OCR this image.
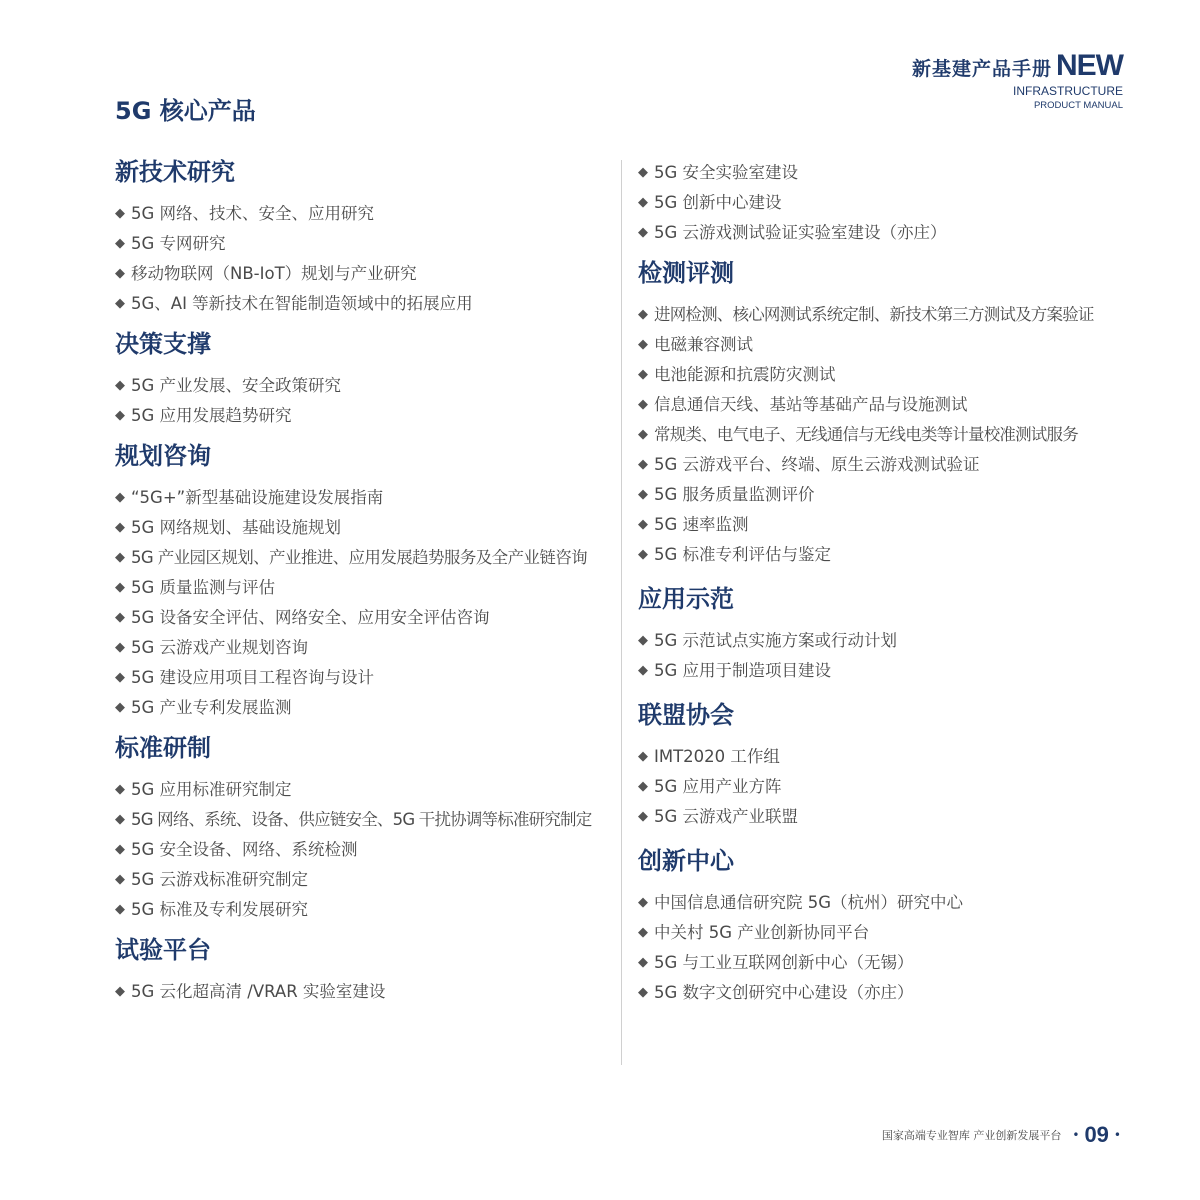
新基建产品手册 NEW
INFRASTRUCTURE
PRODUCT MANUAL
5G 核心产品
新技术研究
◆ 5G 网络、技术、安全、应用研究
◆ 5G 专网研究
◆ 移动物联网（NB-IoT）规划与产业研究
◆ 5G、AI 等新技术在智能制造领域中的拓展应用
决策支撑
◆ 5G 产业发展、安全政策研究
◆ 5G 应用发展趋势研究
规划咨询
◆ “5G+”新型基础设施建设发展指南
◆ 5G 网络规划、基础设施规划
◆ 5G 产业园区规划、产业推进、应用发展趋势服务及全产业链咨询
◆ 5G 质量监测与评估
◆ 5G 设备安全评估、网络安全、应用安全评估咨询
◆ 5G 云游戏产业规划咨询
◆ 5G 建设应用项目工程咨询与设计
◆ 5G 产业专利发展监测
标准研制
◆ 5G 应用标准研究制定
◆ 5G 网络、系统、设备、供应链安全、5G 干扰协调等标准研究制定
◆ 5G 安全设备、网络、系统检测
◆ 5G 云游戏标准研究制定
◆ 5G 标准及专利发展研究
试验平台
◆ 5G 云化超高清 /VRAR 实验室建设
◆ 5G 安全实验室建设
◆ 5G 创新中心建设
◆ 5G 云游戏测试验证实验室建设（亦庄）
检测评测
◆ 进网检测、核心网测试系统定制、新技术第三方测试及方案验证
◆ 电磁兼容测试
◆ 电池能源和抗震防灾测试
◆ 信息通信天线、基站等基础产品与设施测试
◆ 常规类、电气电子、无线通信与无线电类等计量校准测试服务
◆ 5G 云游戏平台、终端、原生云游戏测试验证
◆ 5G 服务质量监测评价
◆ 5G 速率监测
◆ 5G 标准专利评估与鉴定
应用示范
◆ 5G 示范试点实施方案或行动计划
◆ 5G 应用于制造项目建设
联盟协会
◆ IMT2020 工作组
◆ 5G 应用产业方阵
◆ 5G 云游戏产业联盟
创新中心
◆ 中国信息通信研究院 5G（杭州）研究中心
◆ 中关村 5G 产业创新协同平台
◆ 5G 与工业互联网创新中心（无锡）
◆ 5G 数字文创研究中心建设（亦庄）
国家高端专业智库 产业创新发展平台 • 09 •
